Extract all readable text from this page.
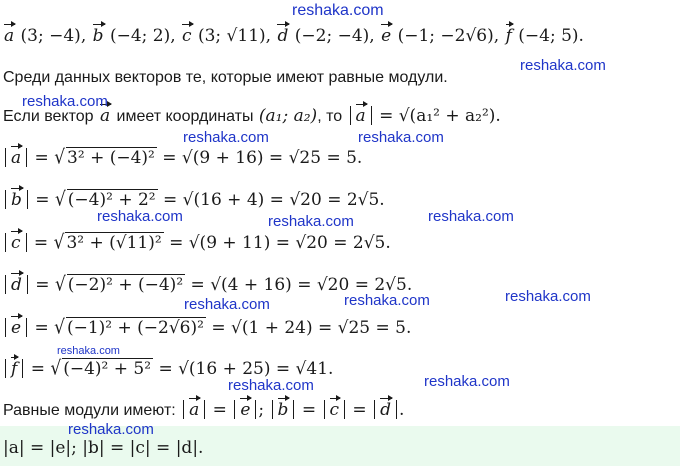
a (3; −4), b (−4; 2), c (3; √11), d (−2; −4), e (−1; −2√6), f (−4; 5).
Среди данных векторов те, которые имеют равные модули.
Если вектор a имеет координаты (a₁; a₂), то a = √(a₁² + a₂²).
a = √ 3² + (−4)² = √(9 + 16) = √25 = 5.
b = √ (−4)² + 2² = √(16 + 4) = √20 = 2√5.
c = √ 3² + (√11)² = √(9 + 11) = √20 = 2√5.
d = √ (−2)² + (−4)² = √(4 + 16) = √20 = 2√5.
e = √ (−1)² + (−2√6)² = √(1 + 24) = √25 = 5.
f = √ (−4)² + 5² = √(16 + 25) = √41.
Равные модули имеют: a = e ; b = c = d .
|a| = |e|; |b| = |c| = |d|.
reshaka.com
reshaka.com
reshaka.com
reshaka.com	reshaka.com
reshaka.com	reshaka.com	reshaka.com
reshaka.com	reshaka.com	reshaka.com
reshaka.com
reshaka.com	reshaka.com
reshaka.com
